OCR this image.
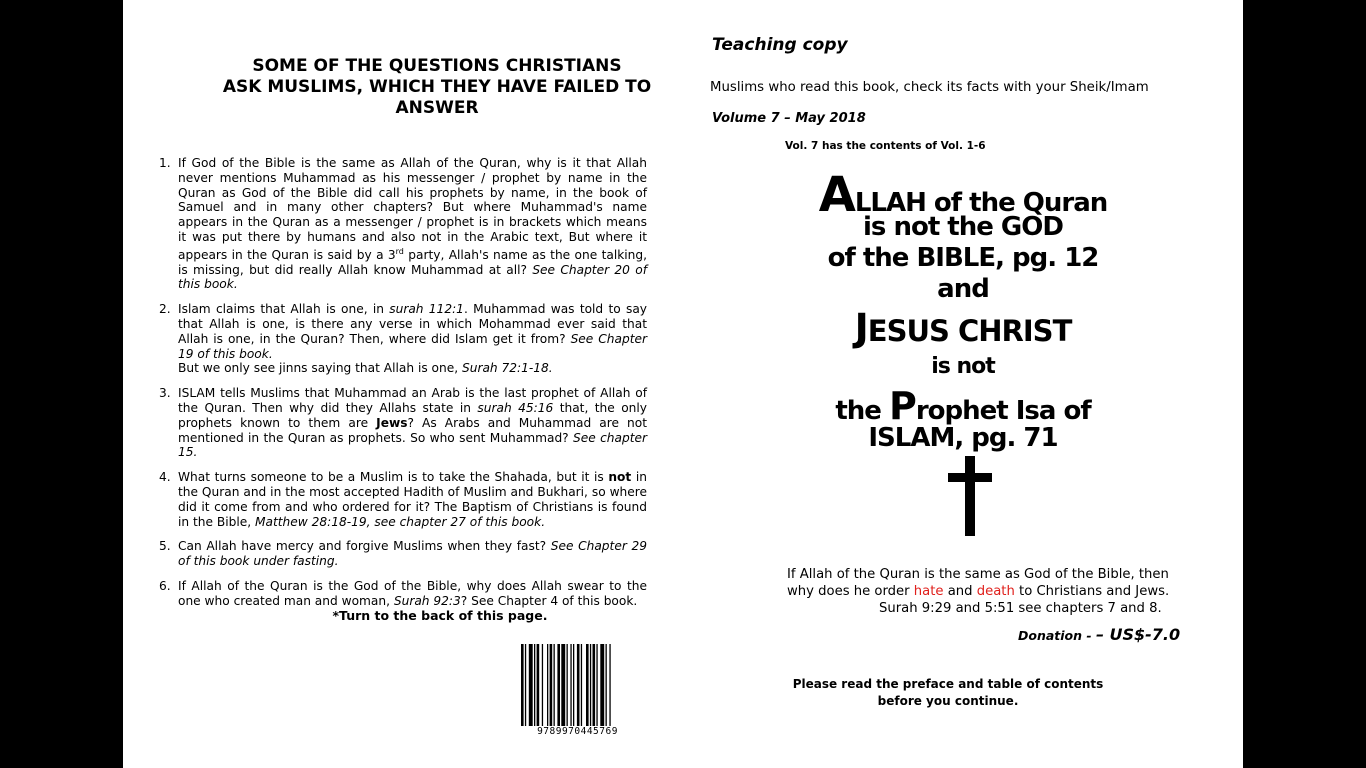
SOME OF THE QUESTIONS CHRISTIANS
ASK MUSLIMS, WHICH THEY HAVE FAILED TO
ANSWER
1. If God of the Bible is the same as Allah of the Quran, why is it that Allah never mentions Muhammad as his messenger / prophet by name in the Quran as God of the Bible did call his prophets by name, in the book of Samuel and in many other chapters? But where Muhammad's name appears in the Quran as a messenger / prophet is in brackets which means it was put there by humans and also not in the Arabic text, But where it appears in the Quran is said by a 3rd party, Allah's name as the one talking, is missing, but did really Allah know Muhammad at all? See Chapter 20 of this book.
2. Islam claims that Allah is one, in surah 112:1. Muhammad was told to say that Allah is one, is there any verse in which Mohammad ever said that Allah is one, in the Quran? Then, where did Islam get it from? See Chapter 19 of this book.
But we only see jinns saying that Allah is one, Surah 72:1-18.
3. ISLAM tells Muslims that Muhammad an Arab is the last prophet of Allah of the Quran. Then why did they Allahs state in surah 45:16 that, the only prophets known to them are Jews? As Arabs and Muhammad are not mentioned in the Quran as prophets. So who sent Muhammad? See chapter 15.
4. What turns someone to be a Muslim is to take the Shahada, but it is not in the Quran and in the most accepted Hadith of Muslim and Bukhari, so where did it come from and who ordered for it? The Baptism of Christians is found in the Bible, Matthew 28:18-19, see chapter 27 of this book.
5. Can Allah have mercy and forgive Muslims when they fast? See Chapter 29 of this book under fasting.
6. If Allah of the Quran is the God of the Bible, why does Allah swear to the one who created man and woman, Surah 92:3? See Chapter 4 of this book.
*Turn to the back of this page.
9789970445769
Teaching copy
Muslims who read this book, check its facts with your Sheik/Imam
Volume 7 – May 2018
Vol. 7 has the contents of Vol. 1-6
ALLAH of the Quran
is not the GOD
of the BIBLE, pg. 12
and
JESUS CHRIST
is not
the Prophet Isa of
ISLAM, pg. 71
If Allah of the Quran is the same as God of the Bible, then why does he order hate and death to Christians and Jews.
Surah 9:29 and 5:51 see chapters 7 and 8.
Donation - – US$-7.0
Please read the preface and table of contents
before you continue.
